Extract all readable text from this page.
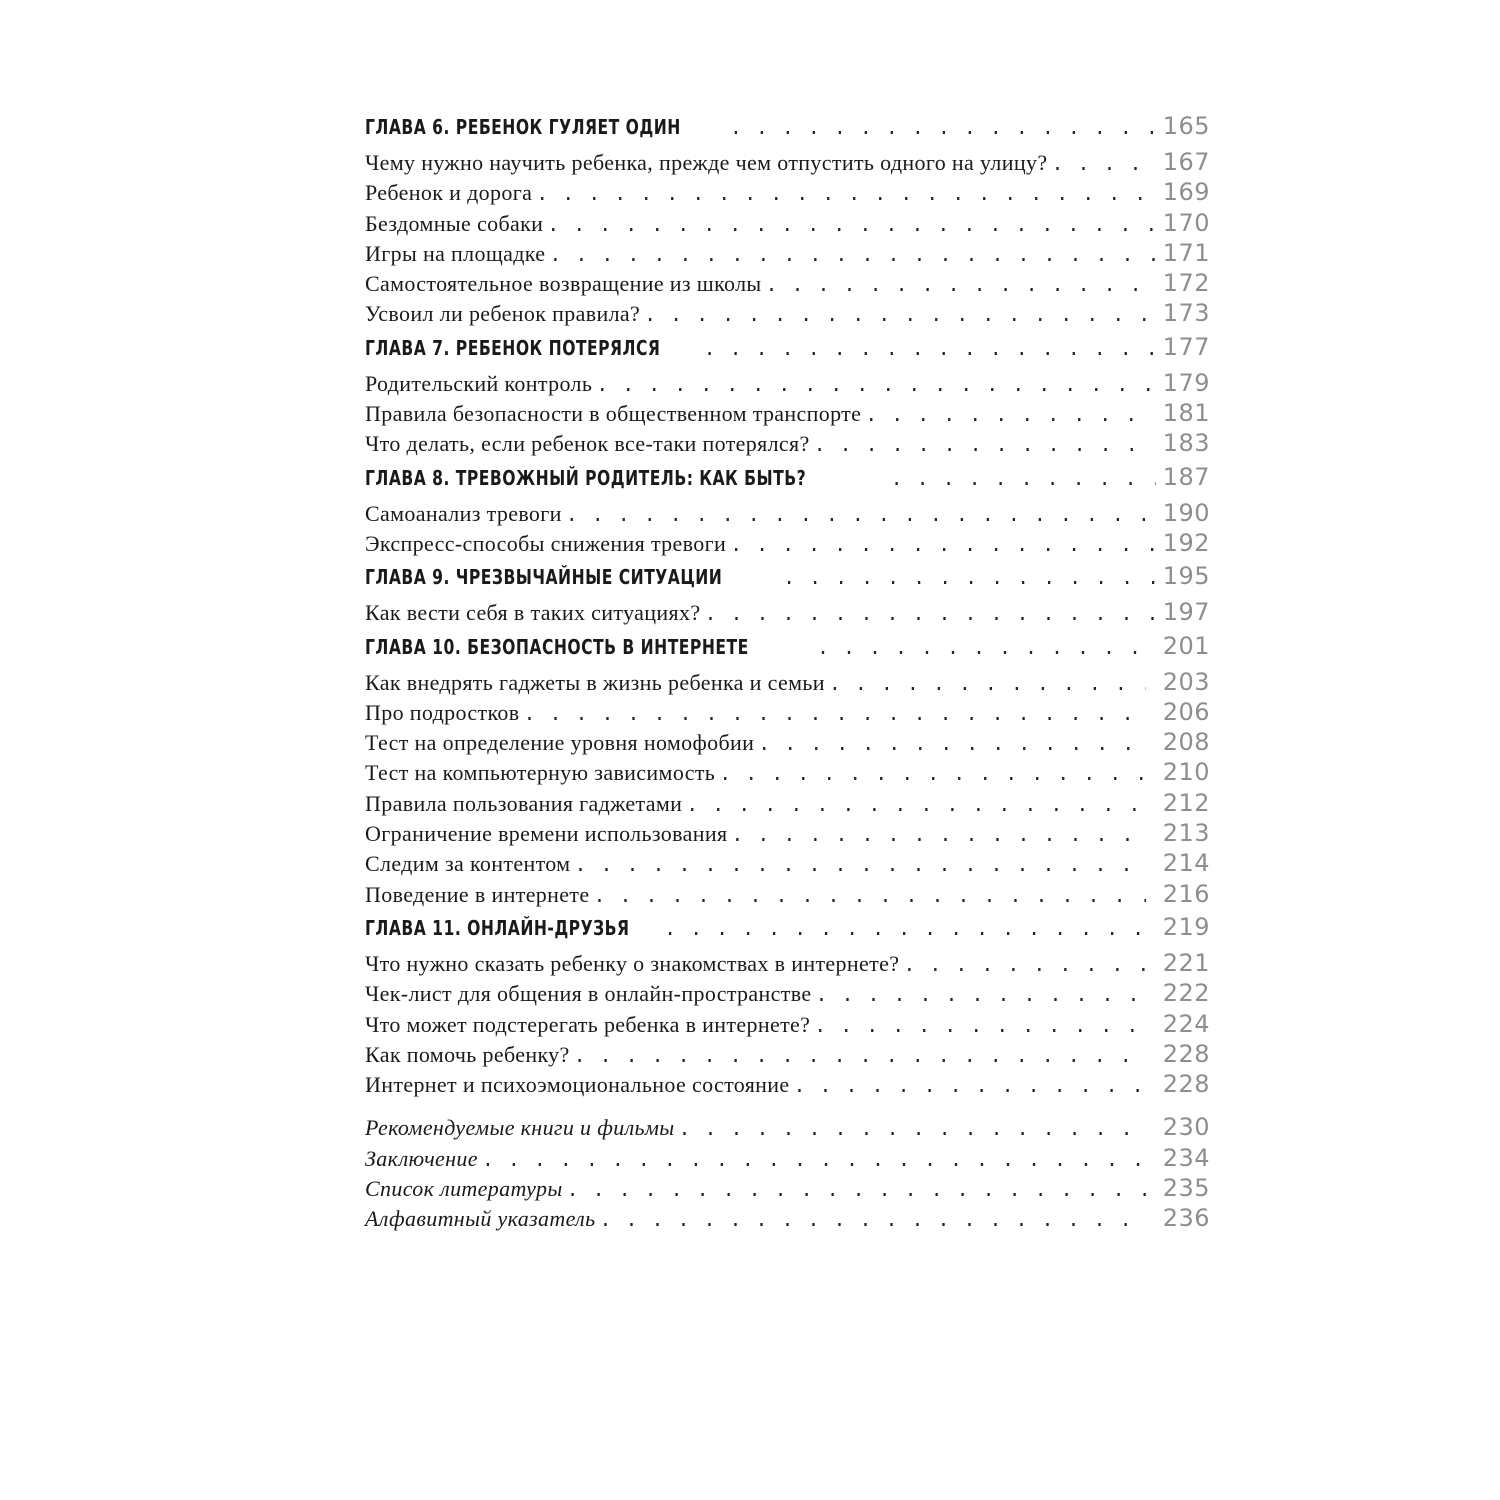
ГЛАВА 6. РЕБЕНОК ГУЛЯЕТ ОДИН . . .	165
Чему нужно научить ребенка, прежде чем отпустить одного на улицу? . . .	167
Ребенок и дорога . . .	169
Бездомные собаки . . .	170
Игры на площадке . . .	171
Самостоятельное возвращение из школы . . .	172
Усвоил ли ребенок правила? . . .	173
ГЛАВА 7. РЕБЕНОК ПОТЕРЯЛСЯ . . .	177
Родительский контроль . . .	179
Правила безопасности в общественном транспорте . . .	181
Что делать, если ребенок все-таки потерялся? . . .	183
ГЛАВА 8. ТРЕВОЖНЫЙ РОДИТЕЛЬ: КАК БЫТЬ? . . .	187
Самоанализ тревоги . . .	190
Экспресс-способы снижения тревоги . . .	192
ГЛАВА 9. ЧРЕЗВЫЧАЙНЫЕ СИТУАЦИИ . . .	195
Как вести себя в таких ситуациях? . . .	197
ГЛАВА 10. БЕЗОПАСНОСТЬ В ИНТЕРНЕТЕ . . .	201
Как внедрять гаджеты в жизнь ребенка и семьи . . .	203
Про подростков . . .	206
Тест на определение уровня номофобии . . .	208
Тест на компьютерную зависимость . . .	210
Правила пользования гаджетами . . .	212
Ограничение времени использования . . .	213
Следим за контентом . . .	214
Поведение в интернете . . .	216
ГЛАВА 11. ОНЛАЙН-ДРУЗЬЯ . . .	219
Что нужно сказать ребенку о знакомствах в интернете? . . .	221
Чек-лист для общения в онлайн-пространстве . . .	222
Что может подстерегать ребенка в интернете? . . .	224
Как помочь ребенку? . . .	228
Интернет и психоэмоциональное состояние . . .	228
Рекомендуемые книги и фильмы . . .	230
Заключение . . .	234
Список литературы . . .	235
Алфавитный указатель . . .	236
